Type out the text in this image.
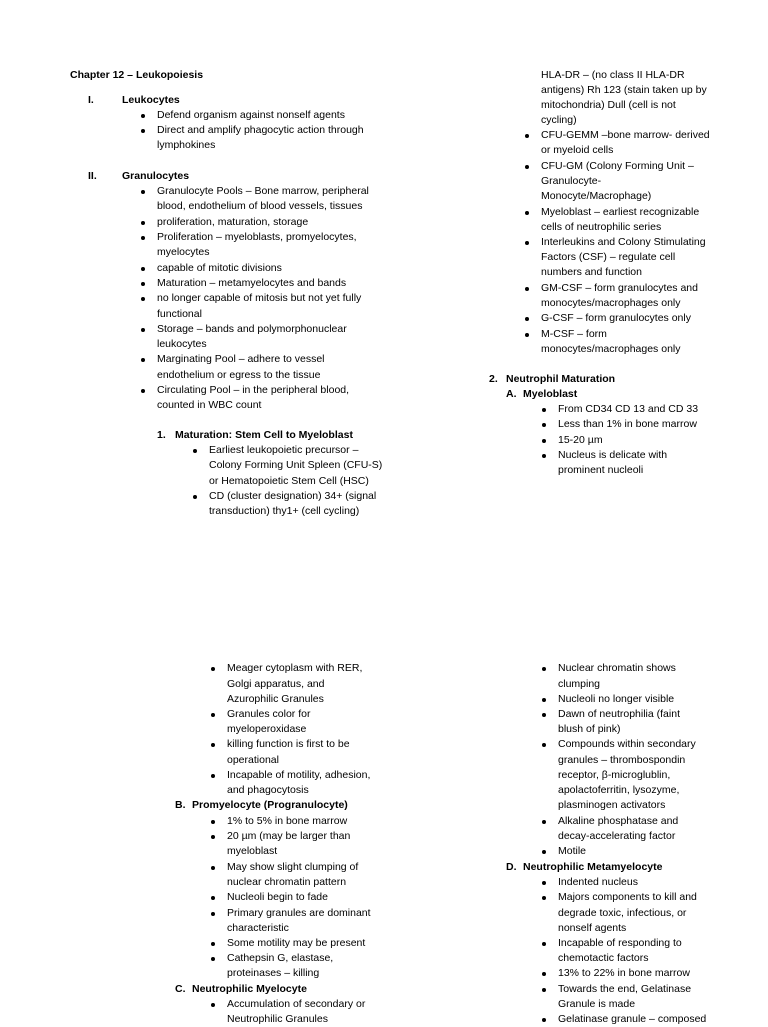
Chapter 12 – Leukopoiesis
I.	Leukocytes
Defend organism against nonself agents
Direct and amplify phagocytic action through
lymphokines
II. Granulocytes
Granulocyte Pools – Bone marrow, peripheral
blood, endothelium of blood vessels, tissues
proliferation, maturation, storage
Proliferation – myeloblasts, promyelocytes,
myelocytes
capable of mitotic divisions
Maturation – metamyelocytes and bands
no longer capable of mitosis but not yet fully
functional
Storage – bands and polymorphonuclear
leukocytes
Marginating Pool – adhere to vessel
endothelium or egress to the tissue
Circulating Pool – in the peripheral blood,
counted in WBC count
1. Maturation: Stem Cell to Myeloblast
Earliest leukopoietic precursor –
Colony Forming Unit Spleen (CFU-S)
or Hematopoietic Stem Cell (HSC)
CD (cluster designation) 34+ (signal
transduction) thy1+ (cell cycling)
HLA-DR – (no class II HLA-DR
antigens) Rh 123 (stain taken up by
mitochondria) Dull (cell is not
cycling)
CFU-GEMM –bone marrow- derived
or myeloid cells
CFU-GM (Colony Forming Unit –
Granulocyte-
Monocyte/Macrophage)
Myeloblast – earliest recognizable
cells of neutrophilic series
Interleukins and Colony Stimulating
Factors (CSF) – regulate cell
numbers and function
GM-CSF – form granulocytes and
monocytes/macrophages only
G-CSF – form granulocytes only
M-CSF – form
monocytes/macrophages only
2. Neutrophil Maturation
A. Myeloblast
From CD34 CD 13 and CD 33
Less than 1% in bone marrow
15-20 µm
Nucleus is delicate with
prominent nucleoli
Meager cytoplasm with RER,
Golgi apparatus, and
Azurophilic Granules
Granules color for
myeloperoxidase
killing function is first to be
operational
Incapable of motility, adhesion,
and phagocytosis
B. Promyelocyte (Progranulocyte)
1% to 5% in bone marrow
20 µm (may be larger than
myeloblast
May show slight clumping of
nuclear chromatin pattern
Nucleoli begin to fade
Primary granules are dominant
characteristic
Some motility may be present
Cathepsin G, elastase,
proteinases – killing
C. Neutrophilic Myelocyte
Accumulation of secondary or
Neutrophilic Granules
Nuclear chromatin shows
clumping
Nucleoli no longer visible
Dawn of neutrophilia (faint
blush of pink)
Compounds within secondary
granules – thrombospondin
receptor, β-microglublin,
apolactoferritin, lysozyme,
plasminogen activators
Alkaline phosphatase and
decay-accelerating factor
Motile
D. Neutrophilic Metamyelocyte
Indented nucleus
Majors components to kill and
degrade toxic, infectious, or
nonself agents
Incapable of responding to
chemotactic factors
13% to 22% in bone marrow
Towards the end, Gelatinase
Granule is made
Gelatinase granule – composed
